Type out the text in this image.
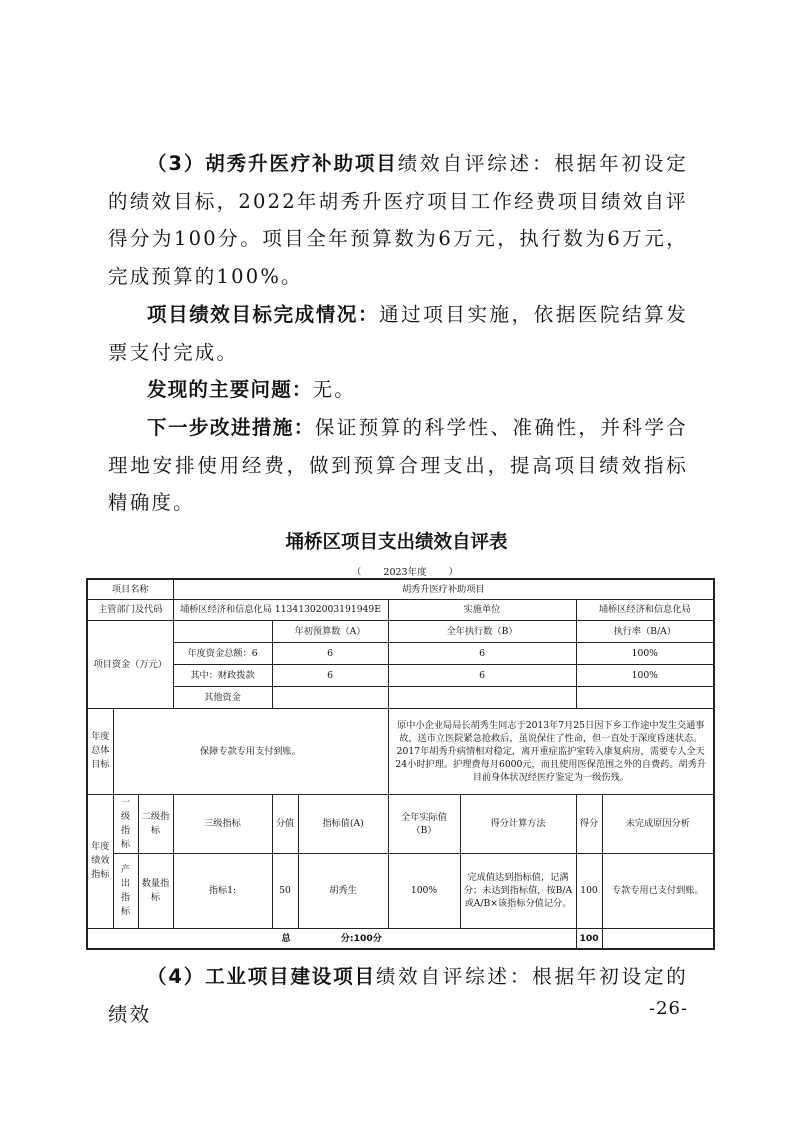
（3）胡秀升医疗补助项目绩效自评综述：根据年初设定的绩效目标，2022年胡秀升医疗项目工作经费项目绩效自评得分为100分。项目全年预算数为6万元，执行数为6万元，完成预算的100%。

项目绩效目标完成情况：通过项目实施，依据医院结算发票支付完成。

发现的主要问题：无。

下一步改进措施：保证预算的科学性、准确性，并科学合理地安排使用经费，做到预算合理支出，提高项目绩效指标精确度。

埇桥区项目支出绩效自评表
（ 2023年度 ）
项目名称			胡秀升医疗补助项目						
主管部门及代码			埇桥区经济和信息化局 11341302003191949E			实施单位		埇桥区经济和信息化局	
项目资金（万元）				年初预算数（A）		全年执行数（B）		执行率（B/A）	
			年度资金总额：6	6		6		100%	
			其中：财政拨款	6		6		100%	
			其他资金						
年度总体目标	保障专款专用支付到账。					原中小企业局局长胡秀生同志于2013年7月25日因下乡工作途中发生交通事故，送市立医院紧急抢救后，虽说保住了性命，但一直处于深度昏迷状态。2017年胡秀升病情相对稳定，离开重症监护室转入康复病房，需要专人全天24小时护理。护理费每月6000元，而且使用医保范围之外的自费药。胡秀升目前身体状况经医疗鉴定为一级伤残。			
年度绩效指标	一级指标	二级指标	三级指标	分值	指标值(A)	全年实际值（B）	得分计算方法	得分	未完成原因分析
	产出指标	数量指标	指标1:	50	胡秀生	100%	完成值达到指标值，记满分；未达到指标值，按B/A或A/B×该指标分值记分。	100	专款专用已支付到账。
总 分:100分								100	

（4）工业项目建设项目绩效自评综述：根据年初设定的绩效	-26-
